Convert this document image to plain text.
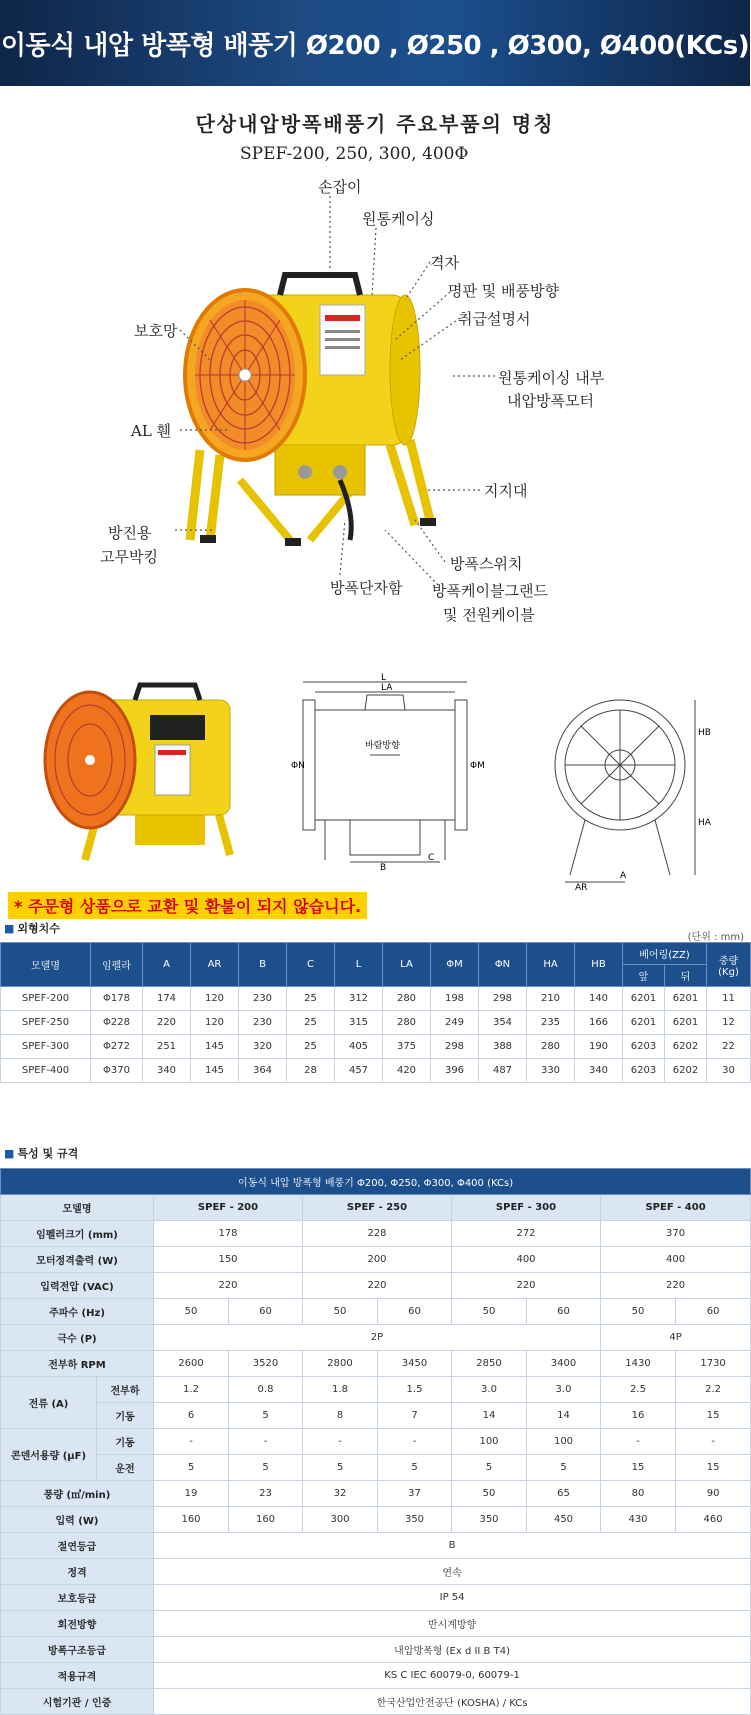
이동식 내압 방폭형 배풍기 Ø200 , Ø250 , Ø300, Ø400(KCs)
단상내압방폭배풍기 주요부품의 명칭
SPEF-200, 250, 300, 400Φ
손잡이
원통케이싱
격자
명판 및 배풍방향
취급설명서
보호망
원통케이싱 내부
내압방폭모터
AL 휀
지지대
방진용
고무박킹	방폭스위치
방폭단자함 방폭케이블그랜드
및 전원케이블
L
LA
ΦN	ΦM
바람방향
B
C
HB
HA
A
AR
* 주문형 상품으로 교환 및 환불이 되지 않습니다.
■ 외형치수
(단위 : mm)
모델명	임펠라	A	AR	B	C	L	LA	ΦM	ΦN	HA	HB	베어링(ZZ)		중량
(Kg)
												앞	뒤	
SPEF-200	Φ178	174	120	230	25	312	280	198	298	210	140	6201	6201	11
SPEF-250	Φ228	220	120	230	25	315	280	249	354	235	166	6201	6201	12
SPEF-300	Φ272	251	145	320	25	405	375	298	388	280	190	6203	6202	22
SPEF-400	Φ370	340	145	364	28	457	420	396	487	330	340	6203	6202	30
■ 특성 및 규격
이동식 내압 방폭형 배풍기 Φ200, Φ250, Φ300, Φ400 (KCs)									
모델명		SPEF - 200		SPEF - 250		SPEF - 300		SPEF - 400	
임펠러크기 (mm)		178		228		272		370	
모터정격출력 (W)		150		200		400		400	
입력전압 (VAC)		220		220		220		220	
주파수 (Hz)		50	60	50	60	50	60	50	60
극수 (P)		2P						4P	
전부하 RPM		2600	3520	2800	3450	2850	3400	1430	1730
전류 (A)	전부하	1.2	0.8	1.8	1.5	3.0	3.0	2.5	2.2
	기동	6	5	8	7	14	14	16	15
콘덴서용량 (µF)	기동	-	-	-	-	100	100	-	-
	운전	5	5	5	5	5	5	15	15
풍량 (㎥/min)		19	23	32	37	50	65	80	90
입력 (W)		160	160	300	350	350	450	430	460
절연등급		B							
정격		연속							
보호등급		IP 54							
회전방향		반시계방향							
방폭구조등급		내압방폭형 (Ex d II B T4)							
적용규격		KS C IEC 60079-0, 60079-1							
시험기관 / 인증		한국산업안전공단 (KOSHA) / KCs							
